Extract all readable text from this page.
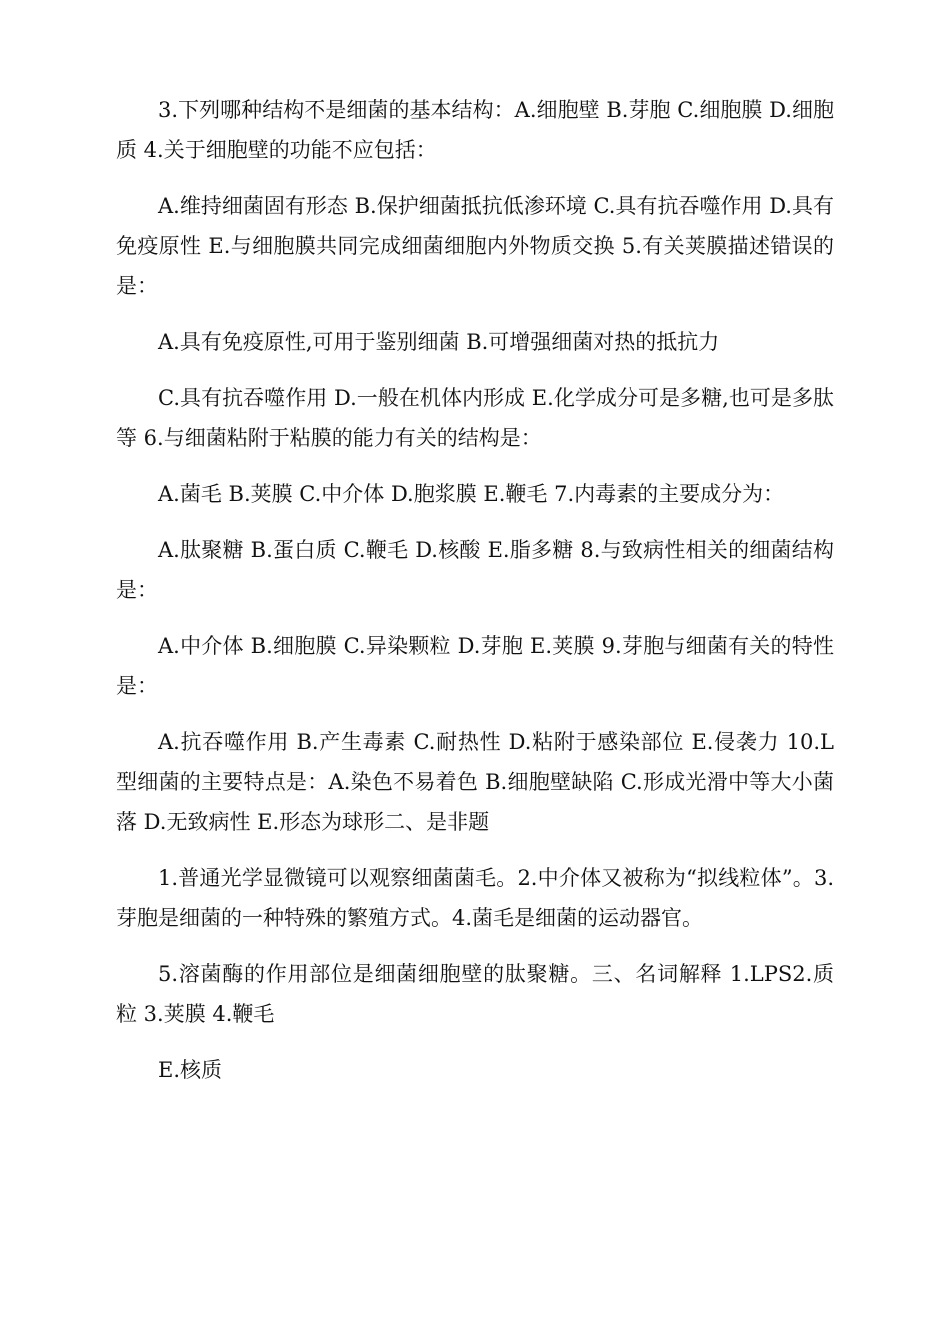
3.下列哪种结构不是细菌的基本结构：A.细胞壁 B.芽胞 C.细胞膜 D.细胞质 4.关于细胞壁的功能不应包括：

A.维持细菌固有形态 B.保护细菌抵抗低渗环境 C.具有抗吞噬作用 D.具有免疫原性 E.与细胞膜共同完成细菌细胞内外物质交换 5.有关荚膜描述错误的是：

A.具有免疫原性,可用于鉴别细菌 B.可增强细菌对热的抵抗力

C.具有抗吞噬作用 D.一般在机体内形成 E.化学成分可是多糖,也可是多肽等 6.与细菌粘附于粘膜的能力有关的结构是：

A.菌毛 B.荚膜 C.中介体 D.胞浆膜 E.鞭毛 7.内毒素的主要成分为：

A.肽聚糖 B.蛋白质 C.鞭毛 D.核酸 E.脂多糖 8.与致病性相关的细菌结构是：

A.中介体 B.细胞膜 C.异染颗粒 D.芽胞 E.荚膜 9.芽胞与细菌有关的特性是：

A.抗吞噬作用 B.产生毒素 C.耐热性 D.粘附于感染部位 E.侵袭力 10.L 型细菌的主要特点是：A.染色不易着色 B.细胞壁缺陷 C.形成光滑中等大小菌落 D.无致病性 E.形态为球形二、是非题

1.普通光学显微镜可以观察细菌菌毛。2.中介体又被称为“拟线粒体”。3.芽胞是细菌的一种特殊的繁殖方式。4.菌毛是细菌的运动器官。

5.溶菌酶的作用部位是细菌细胞壁的肽聚糖。三、名词解释 1.LPS2.质粒 3.荚膜 4.鞭毛

E.核质
